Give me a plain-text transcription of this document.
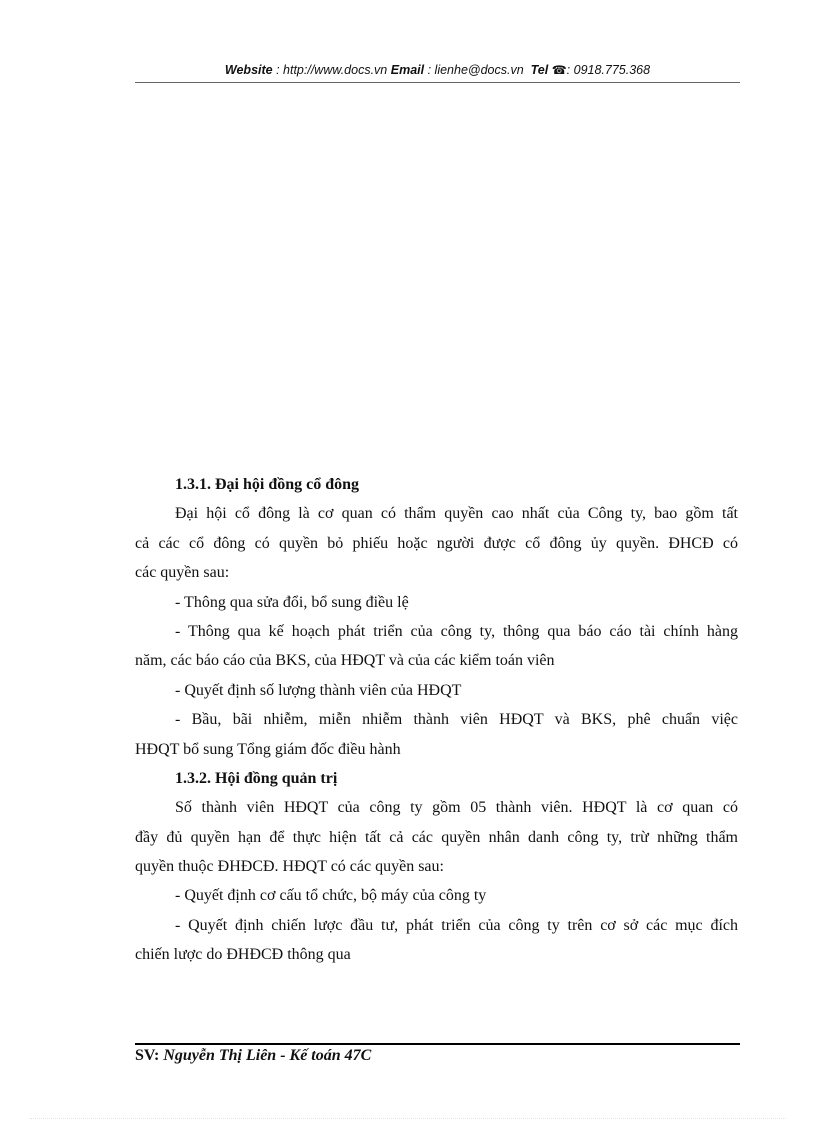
Website : http://www.docs.vn Email : lienhe@docs.vn Tel ☎: 0918.775.368
1.3.1. Đại hội đồng cổ đông
Đại hội cổ đông là cơ quan có thẩm quyền cao nhất của Công ty, bao gồm tất
cả các cổ đông có quyền bỏ phiếu hoặc người được cổ đông ủy quyền. ĐHCĐ có
các quyền sau:
- Thông qua sửa đổi, bổ sung điều lệ
- Thông qua kế hoạch phát triển của công ty, thông qua báo cáo tài chính hàng
năm, các báo cáo của BKS, của HĐQT và của các kiểm toán viên
- Quyết định số lượng thành viên của HĐQT
- Bầu, bãi nhiễm, miễn nhiễm thành viên HĐQT và BKS, phê chuẩn việc
HĐQT bổ sung Tổng giám đốc điều hành
1.3.2. Hội đồng quản trị
Số thành viên HĐQT của công ty gồm 05 thành viên. HĐQT là cơ quan có
đầy đủ quyền hạn để thực hiện tất cả các quyền nhân danh công ty, trừ những thẩm
quyền thuộc ĐHĐCĐ. HĐQT có các quyền sau:
- Quyết định cơ cấu tổ chức, bộ máy của công ty
- Quyết định chiến lược đầu tư, phát triển của công ty trên cơ sở các mục đích
chiến lược do ĐHĐCĐ thông qua
SV: Nguyễn Thị Liên - Kế toán 47C
